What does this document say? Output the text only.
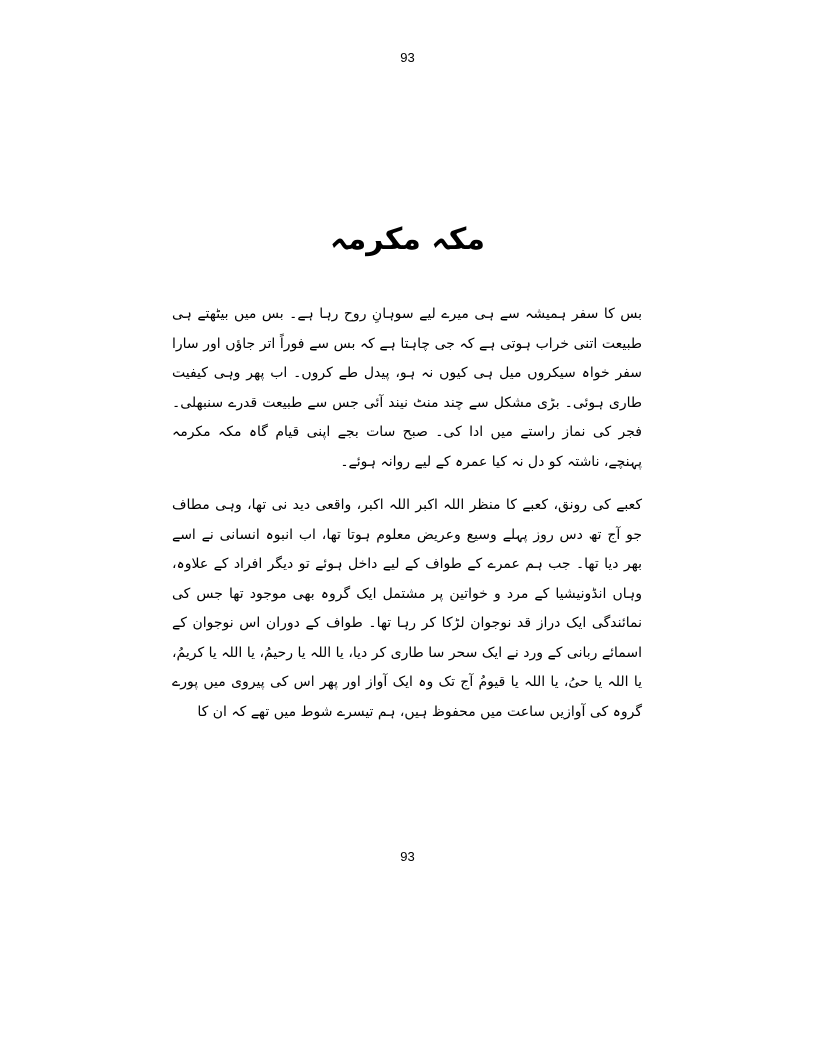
93
مکہ مکرمہ

بس کا سفر ہمیشہ سے ہی میرے لیے سوہانِ روح رہا ہے۔ بس میں بیٹھتے ہی طبیعت اتنی خراب ہوتی ہے کہ جی چاہتا ہے کہ بس سے فوراً اتر جاؤں اور سارا سفر خواہ سیکروں میل ہی کیوں نہ ہو، پیدل طے کروں۔ اب پھر وہی کیفیت طاری ہوئی۔ بڑی مشکل سے چند منٹ نیند آئی جس سے طبیعت قدرے سنبھلی۔ فجر کی نماز راستے میں ادا کی۔ صبح سات بجے اپنی قیام گاہ مکہ مکرمہ پہنچے، ناشتہ کو دل نہ کیا عمرہ کے لیے روانہ ہوئے۔

کعبے کی رونق، کعبے کا منظر اللہ اکبر اللہ اکبر، واقعی دید نی تھا، وہی مطاف جو آج تھ دس روز پہلے وسیع وعریض معلوم ہوتا تھا، اب انبوہ انسانی نے اسے بھر دیا تھا۔ جب ہم عمرے کے طواف کے لیے داخل ہوئے تو دیگر افراد کے علاوہ، وہاں انڈونیشیا کے مرد و خواتین پر مشتمل ایک گروہ بھی موجود تھا جس کی نمائندگی ایک دراز قد نوجوان لڑکا کر رہا تھا۔ طواف کے دوران اس نوجوان کے اسمائے ربانی کے ورد نے ایک سحر سا طاری کر دیا، یا اللہ یا رحیمُ، یا اللہ یا کریمُ، یا اللہ یا حیُ، یا اللہ یا قیومُ آج تک وہ ایک آواز اور پھر اس کی پیروی میں پورے گروہ کی آوازیں ساعت میں محفوظ ہیں، ہم تیسرے شوط میں تھے کہ ان کا

93
